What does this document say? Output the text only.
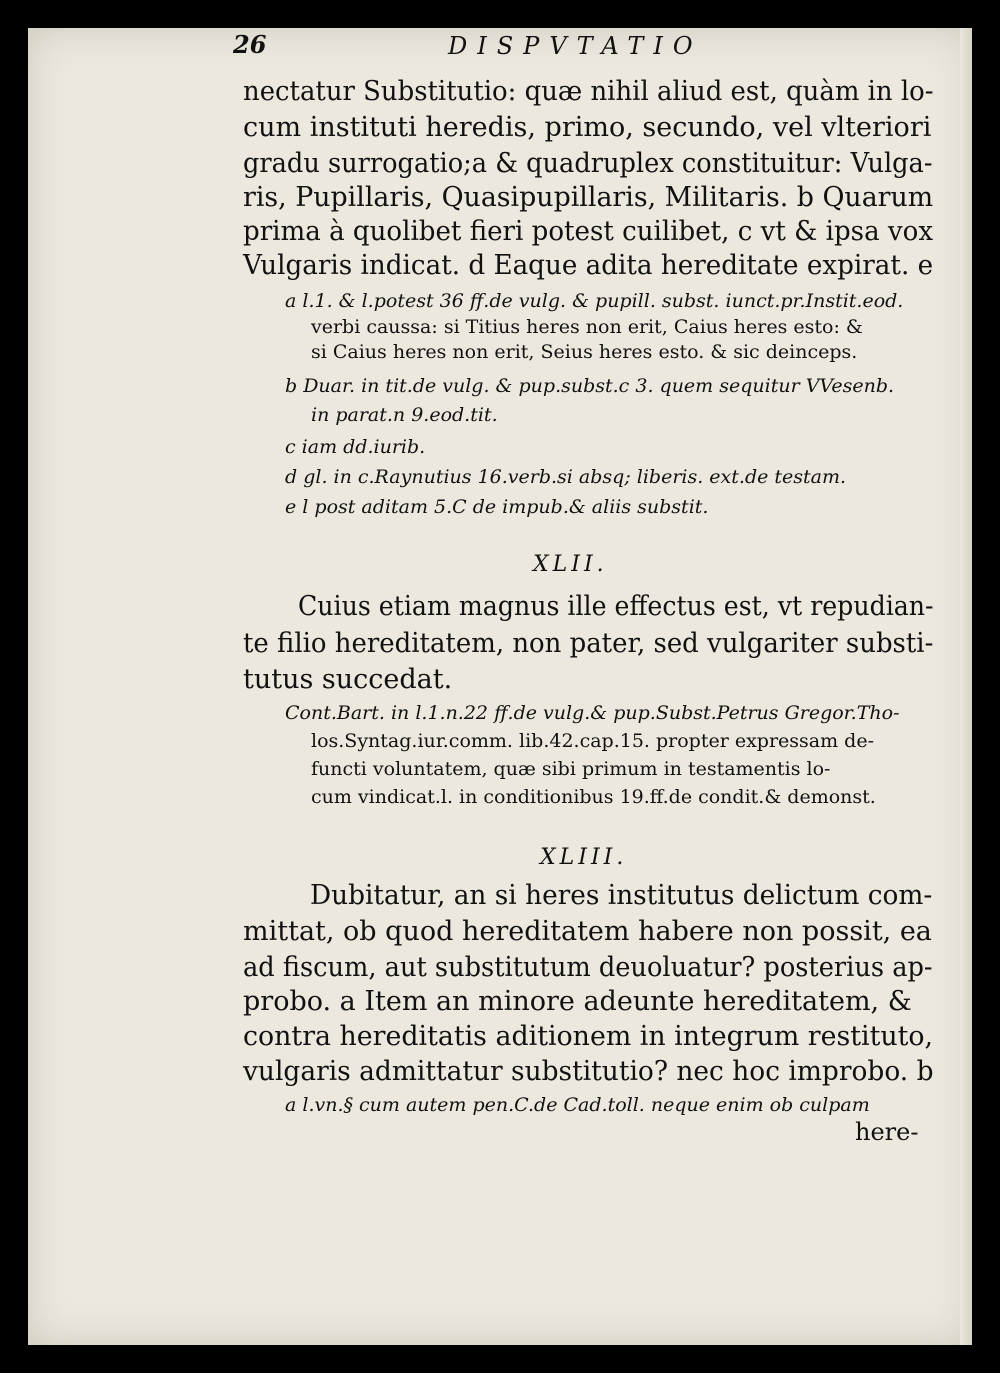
26	DISPVTATIO
nectatur Substitutio: quæ nihil aliud est, quàm in lo-
cum instituti heredis, primo, secundo, vel vlteriori
gradu surrogatio;a & quadruplex constituitur: Vulga-
ris, Pupillaris, Quasipupillaris, Militaris. b Quarum
prima à quolibet fieri potest cuilibet, c vt & ipsa vox
Vulgaris indicat. d Eaque adita hereditate expirat. e
a l.1. & l.potest 36 ff.de vulg. & pupill. subst. iunct.pr.Instit.eod.
verbi caussa: si Titius heres non erit, Caius heres esto: &
si Caius heres non erit, Seius heres esto. & sic deinceps.
b Duar. in tit.de vulg. & pup.subst.c 3. quem sequitur VVesenb.
in parat.n 9.eod.tit.
c iam dd.iurib.
d gl. in c.Raynutius 16.verb.si absq; liberis. ext.de testam.
e l post aditam 5.C de impub.& aliis substit.
XLII.
Cuius etiam magnus ille effectus est, vt repudian-
te filio hereditatem, non pater, sed vulgariter substi-
tutus succedat.
Cont.Bart. in l.1.n.22 ff.de vulg.& pup.Subst.Petrus Gregor.Tho-
los.Syntag.iur.comm. lib.42.cap.15. propter expressam de-
functi voluntatem, quæ sibi primum in testamentis lo-
cum vindicat.l. in conditionibus 19.ff.de condit.& demonst.
XLIII.
Dubitatur, an si heres institutus delictum com-
mittat, ob quod hereditatem habere non possit, ea
ad fiscum, aut substitutum deuoluatur? posterius ap-
probo. a Item an minore adeunte hereditatem, &
contra hereditatis aditionem in integrum restituto,
vulgaris admittatur substitutio? nec hoc improbo. b
a l.vn.§ cum autem pen.C.de Cad.toll. neque enim ob culpam
here-
